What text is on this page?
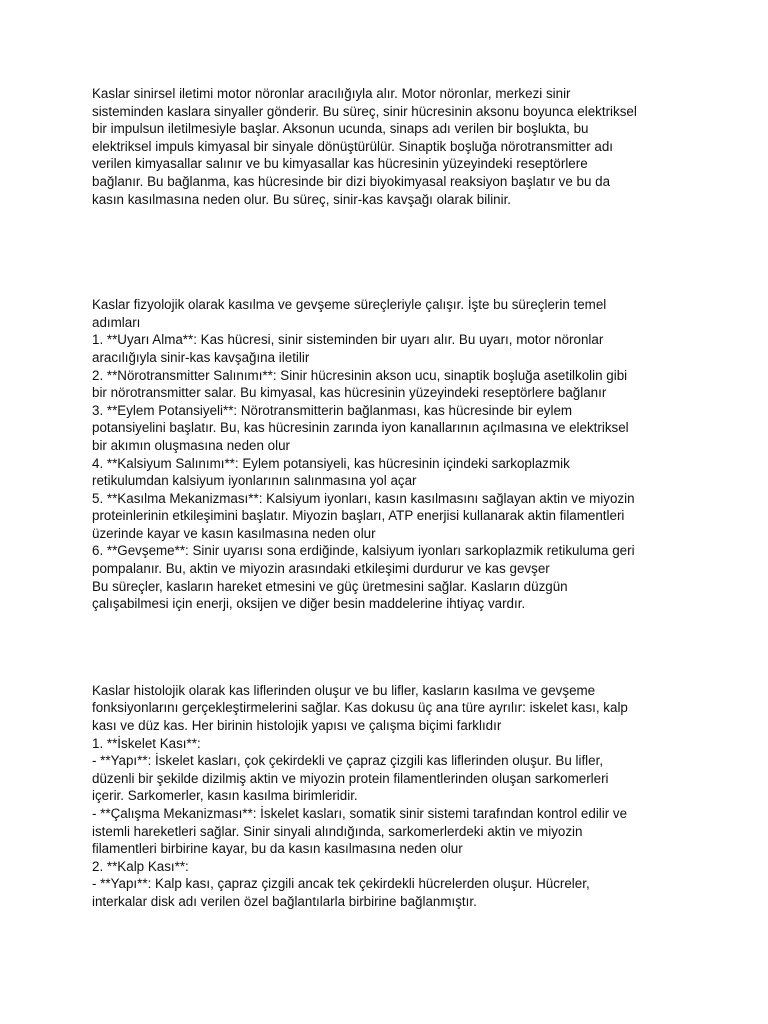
Kaslar sinirsel iletimi motor nöronlar aracılığıyla alır. Motor nöronlar, merkezi sinir
sisteminden kaslara sinyaller gönderir. Bu süreç, sinir hücresinin aksonu boyunca elektriksel
bir impulsun iletilmesiyle başlar. Aksonun ucunda, sinaps adı verilen bir boşlukta, bu
elektriksel impuls kimyasal bir sinyale dönüştürülür. Sinaptik boşluğa nörotransmitter adı
verilen kimyasallar salınır ve bu kimyasallar kas hücresinin yüzeyindeki reseptörlere
bağlanır. Bu bağlanma, kas hücresinde bir dizi biyokimyasal reaksiyon başlatır ve bu da
kasın kasılmasına neden olur. Bu süreç, sinir-kas kavşağı olarak bilinir.
Kaslar fizyolojik olarak kasılma ve gevşeme süreçleriyle çalışır. İşte bu süreçlerin temel
adımları
1. **Uyarı Alma**: Kas hücresi, sinir sisteminden bir uyarı alır. Bu uyarı, motor nöronlar
aracılığıyla sinir-kas kavşağına iletilir
2. **Nörotransmitter Salınımı**: Sinir hücresinin akson ucu, sinaptik boşluğa asetilkolin gibi
bir nörotransmitter salar. Bu kimyasal, kas hücresinin yüzeyindeki reseptörlere bağlanır
3. **Eylem Potansiyeli**: Nörotransmitterin bağlanması, kas hücresinde bir eylem
potansiyelini başlatır. Bu, kas hücresinin zarında iyon kanallarının açılmasına ve elektriksel
bir akımın oluşmasına neden olur
4. **Kalsiyum Salınımı**: Eylem potansiyeli, kas hücresinin içindeki sarkoplazmik
retikulumdan kalsiyum iyonlarının salınmasına yol açar
5. **Kasılma Mekanizması**: Kalsiyum iyonları, kasın kasılmasını sağlayan aktin ve miyozin
proteinlerinin etkileşimini başlatır. Miyozin başları, ATP enerjisi kullanarak aktin filamentleri
üzerinde kayar ve kasın kasılmasına neden olur
6. **Gevşeme**: Sinir uyarısı sona erdiğinde, kalsiyum iyonları sarkoplazmik retikuluma geri
pompalanır. Bu, aktin ve miyozin arasındaki etkileşimi durdurur ve kas gevşer
Bu süreçler, kasların hareket etmesini ve güç üretmesini sağlar. Kasların düzgün
çalışabilmesi için enerji, oksijen ve diğer besin maddelerine ihtiyaç vardır.
Kaslar histolojik olarak kas liflerinden oluşur ve bu lifler, kasların kasılma ve gevşeme
fonksiyonlarını gerçekleştirmelerini sağlar. Kas dokusu üç ana türe ayrılır: iskelet kası, kalp
kası ve düz kas. Her birinin histolojik yapısı ve çalışma biçimi farklıdır
1. **İskelet Kası**:
- **Yapı**: İskelet kasları, çok çekirdekli ve çapraz çizgili kas liflerinden oluşur. Bu lifler,
düzenli bir şekilde dizilmiş aktin ve miyozin protein filamentlerinden oluşan sarkomerleri
içerir. Sarkomerler, kasın kasılma birimleridir.
- **Çalışma Mekanizması**: İskelet kasları, somatik sinir sistemi tarafından kontrol edilir ve
istemli hareketleri sağlar. Sinir sinyali alındığında, sarkomerlerdeki aktin ve miyozin
filamentleri birbirine kayar, bu da kasın kasılmasına neden olur
2. **Kalp Kası**:
- **Yapı**: Kalp kası, çapraz çizgili ancak tek çekirdekli hücrelerden oluşur. Hücreler,
interkalar disk adı verilen özel bağlantılarla birbirine bağlanmıştır.
